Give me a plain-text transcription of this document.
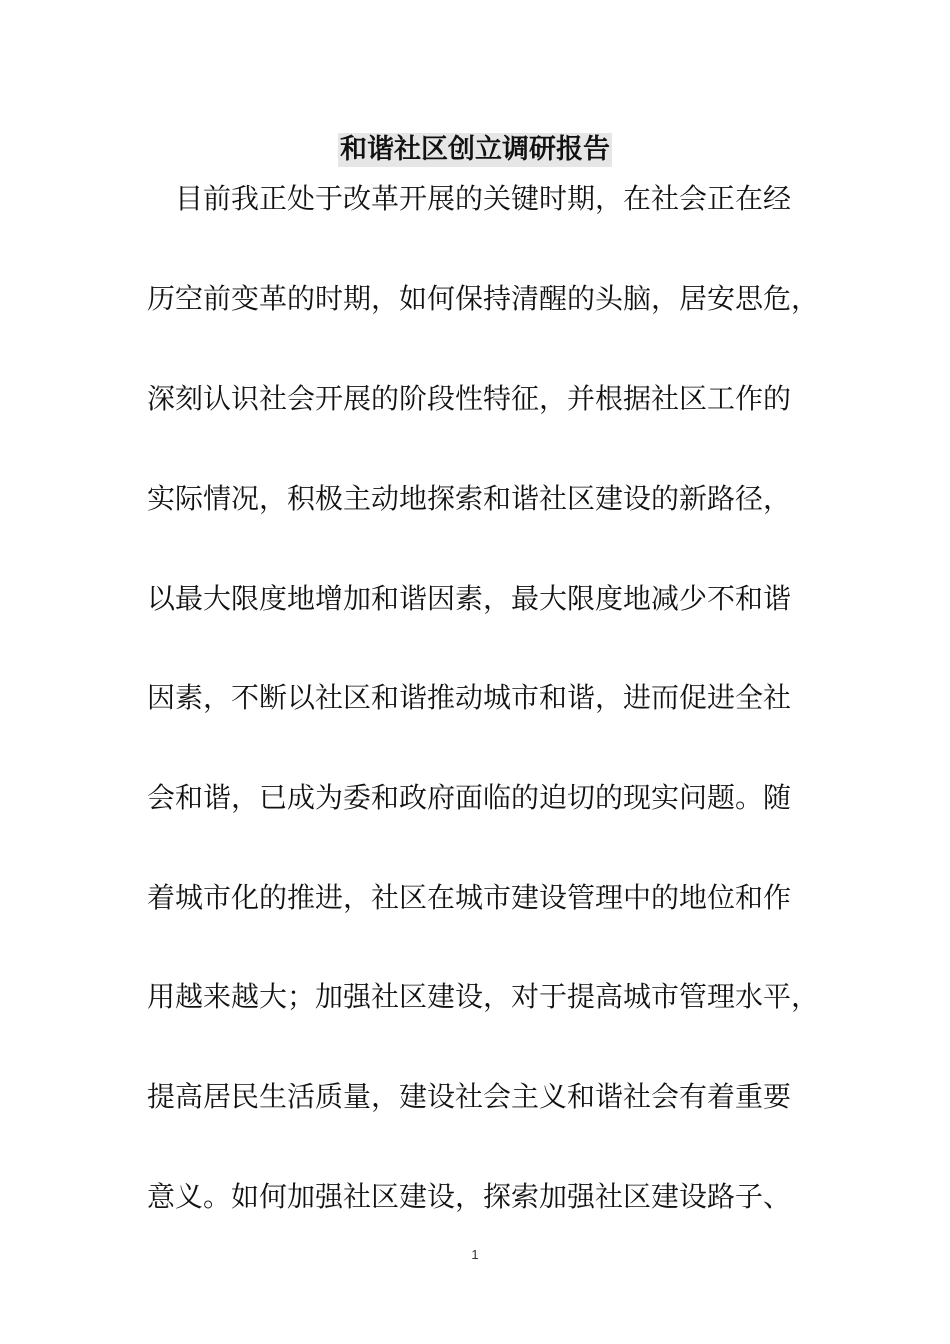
和谐社区创立调研报告
目前我正处于改革开展的关键时期，在社会正在经
历空前变革的时期，如何保持清醒的头脑，居安思危，
深刻认识社会开展的阶段性特征，并根据社区工作的
实际情况，积极主动地探索和谐社区建设的新路径，
以最大限度地增加和谐因素，最大限度地减少不和谐
因素，不断以社区和谐推动城市和谐，进而促进全社
会和谐，已成为委和政府面临的迫切的现实问题。随
着城市化的推进，社区在城市建设管理中的地位和作
用越来越大；加强社区建设，对于提高城市管理水平，
提高居民生活质量，建设社会主义和谐社会有着重要
意义。如何加强社区建设，探索加强社区建设路子、
1
